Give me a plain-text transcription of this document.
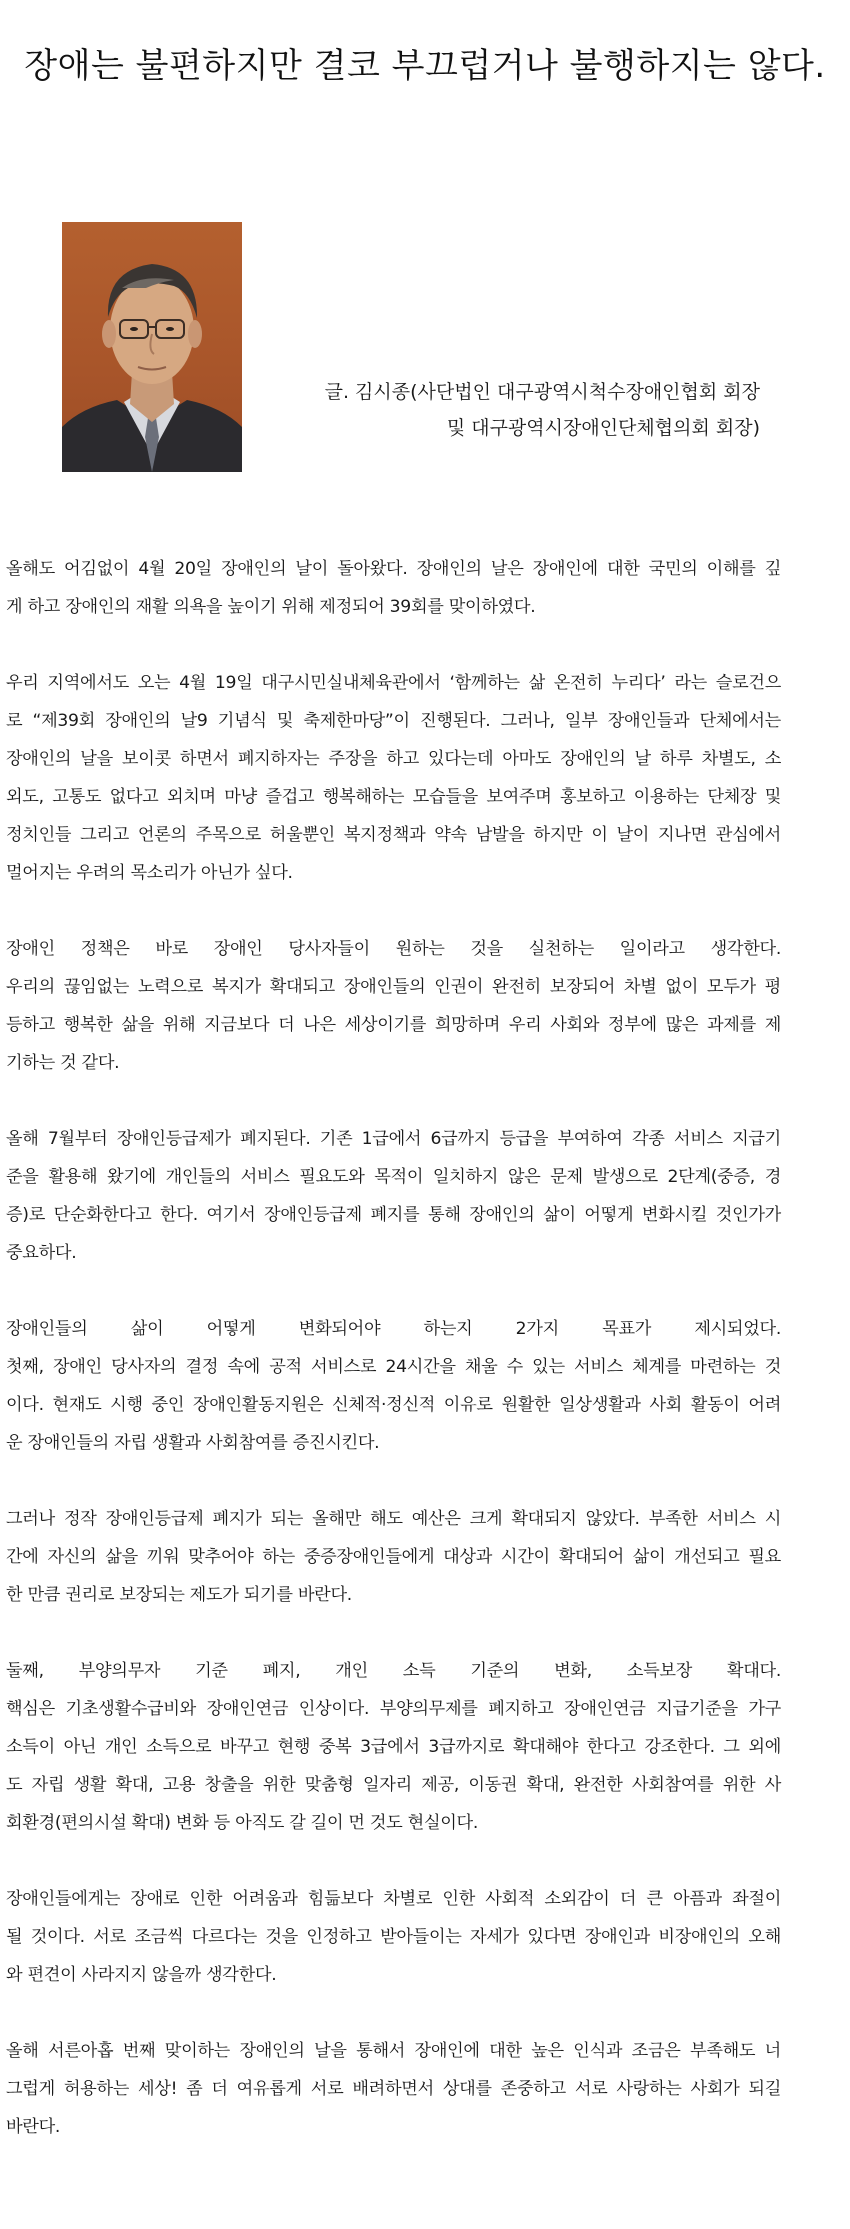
장애는 불편하지만 결코 부끄럽거나 불행하지는 않다.
글. 김시종(사단법인 대구광역시척수장애인협회 회장
및 대구광역시장애인단체협의회 회장)
올해도 어김없이 4월 20일 장애인의 날이 돌아왔다. 장애인의 날은 장애인에 대한 국민의 이해를 깊
게 하고 장애인의 재활 의욕을 높이기 위해 제정되어 39회를 맞이하였다.
우리 지역에서도 오는 4월 19일 대구시민실내체육관에서 ‘함께하는 삶 온전히 누리다’ 라는 슬로건으
로 “제39회 장애인의 날9 기념식 및 축제한마당”이 진행된다. 그러나, 일부 장애인들과 단체에서는
장애인의 날을 보이콧 하면서 폐지하자는 주장을 하고 있다는데 아마도 장애인의 날 하루 차별도, 소
외도, 고통도 없다고 외치며 마냥 즐겁고 행복해하는 모습들을 보여주며 홍보하고 이용하는 단체장 및
정치인들 그리고 언론의 주목으로 허울뿐인 복지정책과 약속 남발을 하지만 이 날이 지나면 관심에서
멀어지는 우려의 목소리가 아닌가 싶다.
장애인 정책은 바로 장애인 당사자들이 원하는 것을 실천하는 일이라고 생각한다.
우리의 끊임없는 노력으로 복지가 확대되고 장애인들의 인권이 완전히 보장되어 차별 없이 모두가 평
등하고 행복한 삶을 위해 지금보다 더 나은 세상이기를 희망하며 우리 사회와 정부에 많은 과제를 제
기하는 것 같다.
올해 7월부터 장애인등급제가 폐지된다. 기존 1급에서 6급까지 등급을 부여하여 각종 서비스 지급기
준을 활용해 왔기에 개인들의 서비스 필요도와 목적이 일치하지 않은 문제 발생으로 2단계(중증, 경
증)로 단순화한다고 한다. 여기서 장애인등급제 폐지를 통해 장애인의 삶이 어떻게 변화시킬 것인가가
중요하다.
장애인들의 삶이 어떻게 변화되어야 하는지 2가지 목표가 제시되었다.
첫째, 장애인 당사자의 결정 속에 공적 서비스로 24시간을 채울 수 있는 서비스 체계를 마련하는 것
이다. 현재도 시행 중인 장애인활동지원은 신체적·정신적 이유로 원활한 일상생활과 사회 활동이 어려
운 장애인들의 자립 생활과 사회참여를 증진시킨다.
그러나 정작 장애인등급제 폐지가 되는 올해만 해도 예산은 크게 확대되지 않았다. 부족한 서비스 시
간에 자신의 삶을 끼워 맞추어야 하는 중증장애인들에게 대상과 시간이 확대되어 삶이 개선되고 필요
한 만큼 권리로 보장되는 제도가 되기를 바란다.
둘째, 부양의무자 기준 폐지, 개인 소득 기준의 변화, 소득보장 확대다.
핵심은 기초생활수급비와 장애인연금 인상이다. 부양의무제를 폐지하고 장애인연금 지급기준을 가구
소득이 아닌 개인 소득으로 바꾸고 현행 중복 3급에서 3급까지로 확대해야 한다고 강조한다. 그 외에
도 자립 생활 확대, 고용 창출을 위한 맞춤형 일자리 제공, 이동권 확대, 완전한 사회참여를 위한 사
회환경(편의시설 확대) 변화 등 아직도 갈 길이 먼 것도 현실이다.
장애인들에게는 장애로 인한 어려움과 힘듦보다 차별로 인한 사회적 소외감이 더 큰 아픔과 좌절이
될 것이다. 서로 조금씩 다르다는 것을 인정하고 받아들이는 자세가 있다면 장애인과 비장애인의 오해
와 편견이 사라지지 않을까 생각한다.
올해 서른아홉 번째 맞이하는 장애인의 날을 통해서 장애인에 대한 높은 인식과 조금은 부족해도 너
그럽게 허용하는 세상! 좀 더 여유롭게 서로 배려하면서 상대를 존중하고 서로 사랑하는 사회가 되길
바란다.
